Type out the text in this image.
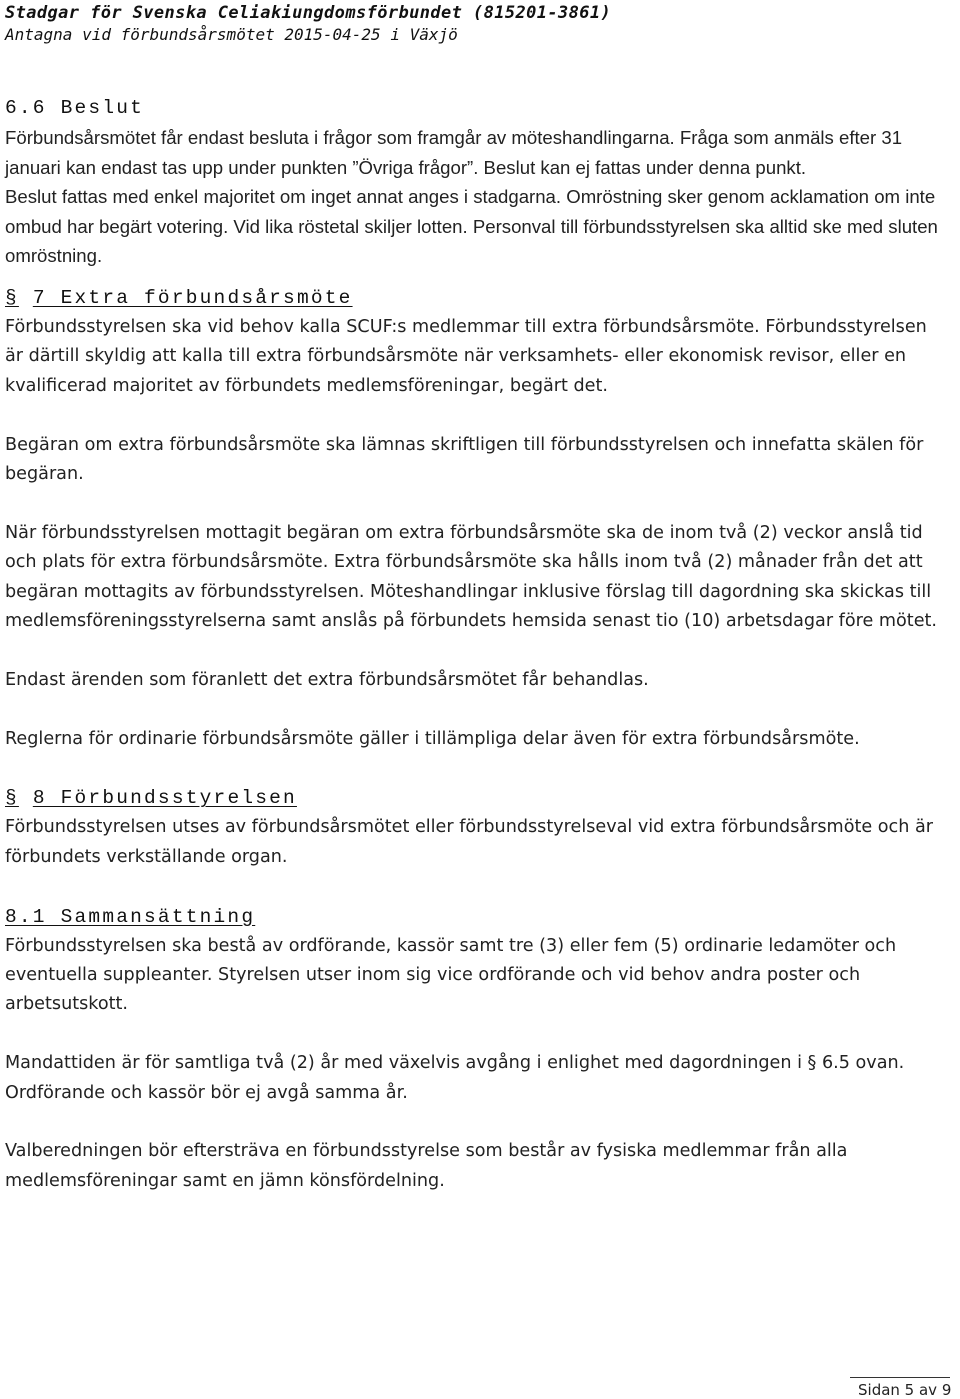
Stadgar för Svenska Celiakiungdomsförbundet (815201-3861)
Antagna vid förbundsårsmötet 2015-04-25 i Växjö
6.6 Beslut

Förbundsårsmötet får endast besluta i frågor som framgår av möteshandlingarna. Fråga som anmäls efter 31 januari kan endast tas upp under punkten ”Övriga frågor”. Beslut kan ej fattas under denna punkt.

Beslut fattas med enkel majoritet om inget annat anges i stadgarna. Omröstning sker genom acklamation om inte ombud har begärt votering. Vid lika röstetal skiljer lotten. Personval till förbundsstyrelsen ska alltid ske med sluten omröstning.

§ 7 Extra förbundsårsmöte

Förbundsstyrelsen ska vid behov kalla SCUF:s medlemmar till extra förbundsårsmöte. Förbundsstyrelsen är därtill skyldig att kalla till extra förbundsårsmöte när verksamhets- eller ekonomisk revisor, eller en kvalificerad majoritet av förbundets medlemsföreningar, begärt det.

Begäran om extra förbundsårsmöte ska lämnas skriftligen till förbundsstyrelsen och innefatta skälen för begäran.

När förbundsstyrelsen mottagit begäran om extra förbundsårsmöte ska de inom två (2) veckor anslå tid och plats för extra förbundsårsmöte. Extra förbundsårsmöte ska hålls inom två (2) månader från det att begäran mottagits av förbundsstyrelsen. Möteshandlingar inklusive förslag till dagordning ska skickas till medlemsföreningsstyrelserna samt anslås på förbundets hemsida senast tio (10) arbetsdagar före mötet.

Endast ärenden som föranlett det extra förbundsårsmötet får behandlas.

Reglerna för ordinarie förbundsårsmöte gäller i tillämpliga delar även för extra förbundsårsmöte.

§ 8 Förbundsstyrelsen

Förbundsstyrelsen utses av förbundsårsmötet eller förbundsstyrelseval vid extra förbundsårsmöte och är förbundets verkställande organ.

8.1 Sammansättning

Förbundsstyrelsen ska bestå av ordförande, kassör samt tre (3) eller fem (5) ordinarie ledamöter och eventuella suppleanter. Styrelsen utser inom sig vice ordförande och vid behov andra poster och arbetsutskott.

Mandattiden är för samtliga två (2) år med växelvis avgång i enlighet med dagordningen i § 6.5 ovan. Ordförande och kassör bör ej avgå samma år.

Valberedningen bör eftersträva en förbundsstyrelse som består av fysiska medlemmar från alla medlemsföreningar samt en jämn könsfördelning.

Sidan 5 av 9
